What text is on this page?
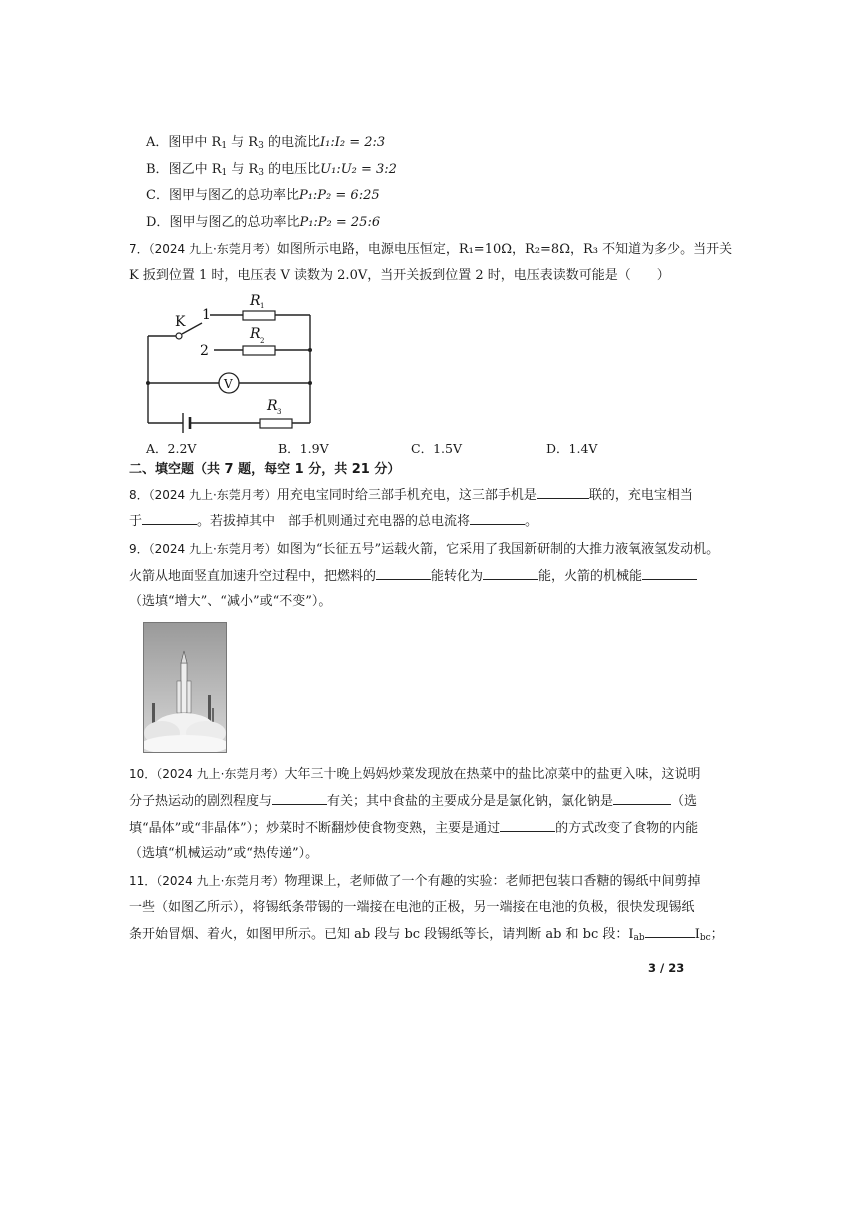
A．图甲中 $R_1$ 与 $R_3$ 的电流比I₁:I₂ = 2:3
B．图乙中 $R_1$ 与 $R_3$ 的电压比U₁:U₂ = 3:2
C．图甲与图乙的总功率比P₁:P₂ = 6:25
D．图甲与图乙的总功率比P₁:P₂ = 25:6
7．（2024 九上·东莞月考）如图所示电路，电源电压恒定，R₁=10Ω，R₂=8Ω，R₃ 不知道为多少。当开关
K 扳到位置 1 时，电压表 V 读数为 2.0V，当开关扳到位置 2 时，电压表读数可能是（　　）
K 1
2
R 1
R 2
R 3
V
A．2.2V	B．1.9V	C．1.5V	D．1.4V
二、填空题（共 7 题，每空 1 分，共 21 分）
8．（2024 九上·东莞月考）用充电宝同时给三部手机充电，这三部手机是	联的，充电宝相当
于	。若拔掉其中　部手机则通过充电器的总电流将	。
9．（2024 九上·东莞月考）如图为“长征五号”运载火箭，它采用了我国新研制的大推力液氧液氢发动机。
火箭从地面竖直加速升空过程中，把燃料的	能转化为	能，火箭的机械能
（选填“增大”、“减小”或“不变”）。
10．（2024 九上·东莞月考）大年三十晚上妈妈炒菜发现放在热菜中的盐比凉菜中的盐更入味，这说明
分子热运动的剧烈程度与	有关；其中食盐的主要成分是是氯化钠，氯化钠是	（选
填“晶体”或“非晶体”）；炒菜时不断翻炒使食物变熟，主要是通过	的方式改变了食物的内能
（选填“机械运动”或“热传递”）。
11．（2024 九上·东莞月考）物理课上，老师做了一个有趣的实验：老师把包装口香糖的锡纸中间剪掉
一些（如图乙所示），将锡纸条带锡的一端接在电池的正极，另一端接在电池的负极，很快发现锡纸
条开始冒烟、着火，如图甲所示。已知 ab 段与 bc 段锡纸等长，请判断 ab 和 bc 段：$I_{ab}$	$I_{bc}$；
3 / 23
